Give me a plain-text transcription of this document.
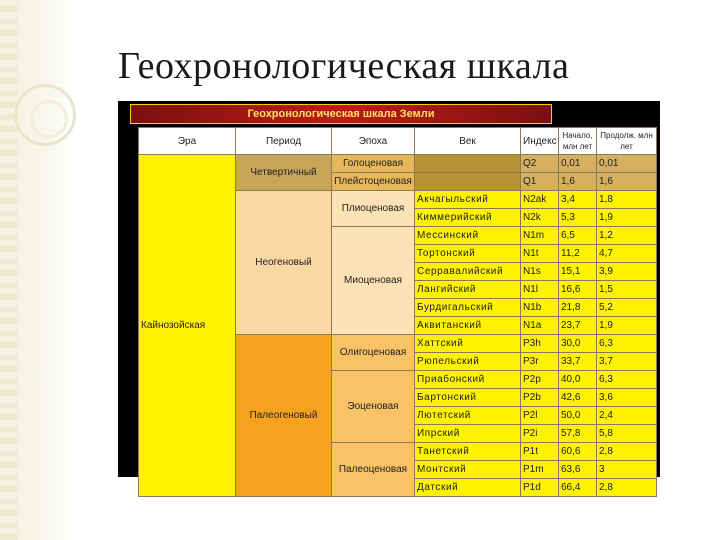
Геохронологическая шкала
Геохронологическая шкала Земли
Эра	Период	Эпоха	Век	Индекс	Начало, млн лет	Продолж. млн лет
Кайнозойская	Четвертичный	Голоценовая		Q2	0,01	0,01
		Плейстоценовая		Q1	1,6	1,6
	Неогеновый	Плиоценовая	Акчагыльский	N2ak	3,4	1,8
			Киммерийский	N2k	5,3	1,9
		Миоценовая	Мессинский	N1m	6,5	1,2
			Тортонский	N1t	11,2	4,7
			Серравалийский	N1s	15,1	3,9
			Лангийский	N1l	16,6	1,5
			Бурдигальский	N1b	21,8	5,2
			Аквитанский	N1a	23,7	1,9
	Палеогеновый	Олигоценовая	Хаттский	P3h	30,0	6,3
			Рюпельский	P3r	33,7	3,7
		Эоценовая	Приабонский	P2p	40,0	6,3
			Бартонский	P2b	42,6	3,6
			Лютетский	P2l	50,0	2,4
			Ипрский	P2i	57,8	5,8
		Палеоценовая	Танетский	P1t	60,6	2,8
			Монтский	P1m	63,6	3
			Датский	P1d	66,4	2,8
